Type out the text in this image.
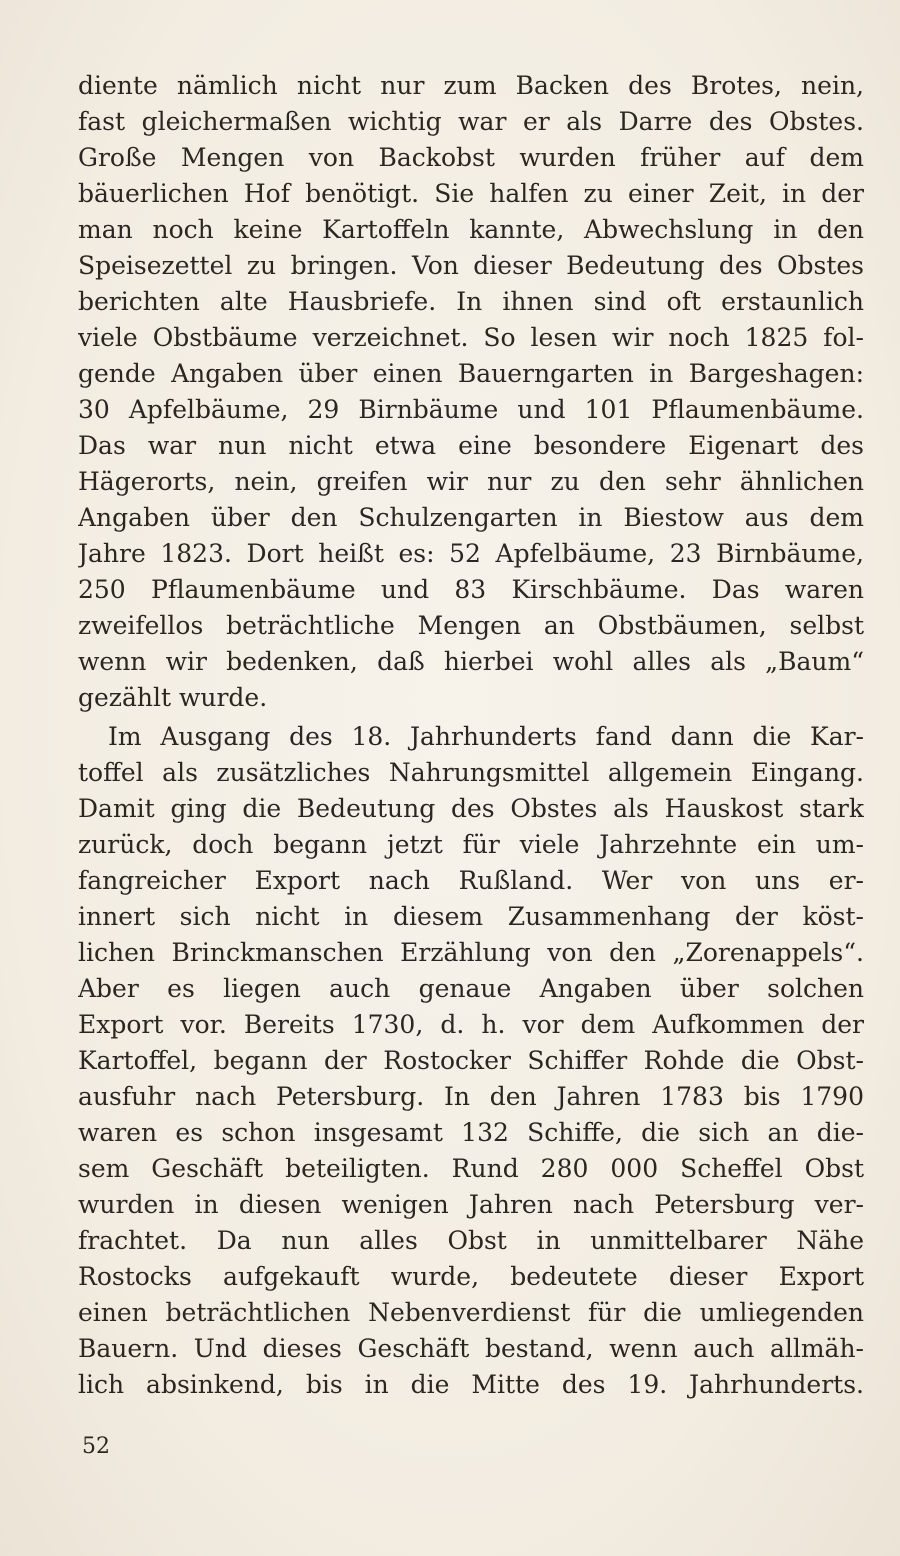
diente nämlich nicht nur zum Backen des Brotes, nein,
fast gleichermaßen wichtig war er als Darre des Obstes.
Große Mengen von Backobst wurden früher auf dem
bäuerlichen Hof benötigt. Sie halfen zu einer Zeit, in der
man noch keine Kartoffeln kannte, Abwechslung in den
Speisezettel zu bringen. Von dieser Bedeutung des Obstes
berichten alte Hausbriefe. In ihnen sind oft erstaunlich
viele Obstbäume verzeichnet. So lesen wir noch 1825 fol-
gende Angaben über einen Bauerngarten in Bargeshagen:
30 Apfelbäume, 29 Birnbäume und 101 Pflaumenbäume.
Das war nun nicht etwa eine besondere Eigenart des
Hägerorts, nein, greifen wir nur zu den sehr ähnlichen
Angaben über den Schulzengarten in Biestow aus dem
Jahre 1823. Dort heißt es: 52 Apfelbäume, 23 Birnbäume,
250 Pflaumenbäume und 83 Kirschbäume. Das waren
zweifellos beträchtliche Mengen an Obstbäumen, selbst
wenn wir bedenken, daß hierbei wohl alles als „Baum“
gezählt wurde.
Im Ausgang des 18. Jahrhunderts fand dann die Kar-
toffel als zusätzliches Nahrungsmittel allgemein Eingang.
Damit ging die Bedeutung des Obstes als Hauskost stark
zurück, doch begann jetzt für viele Jahrzehnte ein um-
fangreicher Export nach Rußland. Wer von uns er-
innert sich nicht in diesem Zusammenhang der köst-
lichen Brinckmanschen Erzählung von den „Zorenappels“.
Aber es liegen auch genaue Angaben über solchen
Export vor. Bereits 1730, d. h. vor dem Aufkommen der
Kartoffel, begann der Rostocker Schiffer Rohde die Obst-
ausfuhr nach Petersburg. In den Jahren 1783 bis 1790
waren es schon insgesamt 132 Schiffe, die sich an die-
sem Geschäft beteiligten. Rund 280 000 Scheffel Obst
wurden in diesen wenigen Jahren nach Petersburg ver-
frachtet. Da nun alles Obst in unmittelbarer Nähe
Rostocks aufgekauft wurde, bedeutete dieser Export
einen beträchtlichen Nebenverdienst für die umliegenden
Bauern. Und dieses Geschäft bestand, wenn auch allmäh-
lich absinkend, bis in die Mitte des 19. Jahrhunderts.
52
